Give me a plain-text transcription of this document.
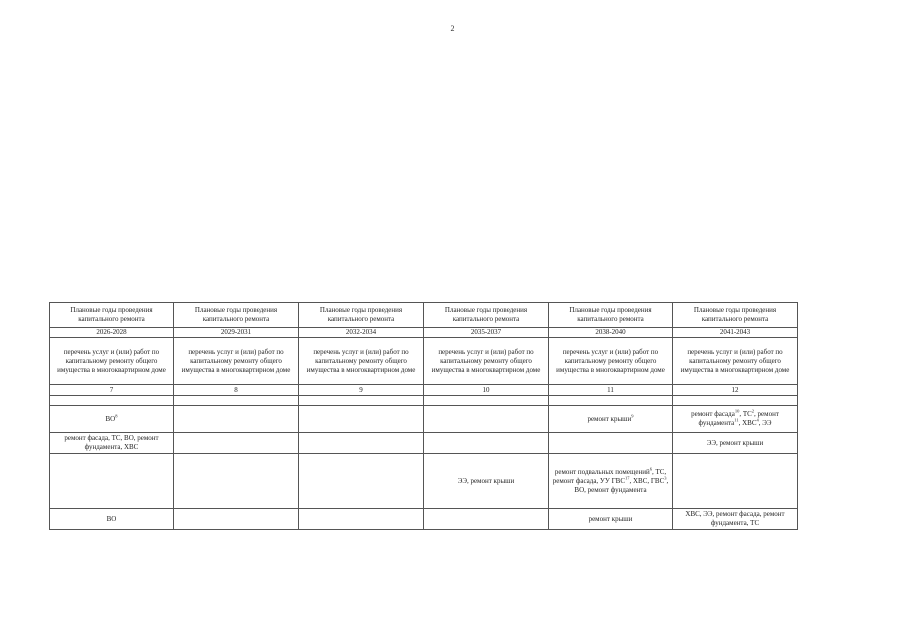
2
Плановые годы проведения капитального ремонта	Плановые годы проведения капитального ремонта	Плановые годы проведения капитального ремонта	Плановые годы проведения капитального ремонта	Плановые годы проведения капитального ремонта	Плановые годы проведения капитального ремонта
2026-2028	2029-2031	2032-2034	2035-2037	2038-2040	2041-2043
перечень услуг и (или) работ по капитальному ремонту общего имущества в многоквартирном доме	перечень услуг и (или) работ по капитальному ремонту общего имущества в многоквартирном доме	перечень услуг и (или) работ по капитальному ремонту общего имущества в многоквартирном доме	перечень услуг и (или) работ по капитальному ремонту общего имущества в многоквартирном доме	перечень услуг и (или) работ по капитальному ремонту общего имущества в многоквартирном доме	перечень услуг и (или) работ по капитальному ремонту общего имущества в многоквартирном доме
7	8	9	10	11	12

$ВО^8$				ремонт крыши$^9$	ремонт фасада$^{10}$, $ТС^2$, ремонт фундамента$^{11}$, ХВС$^4$, ЭЭ
ремонт фасада, ТС, ВО, ремонт фундамента, ХВС					ЭЭ, ремонт крыши
			ЭЭ, ремонт крыши	ремонт подвальных помещений$^6$, ТС, ремонт фасада, УУ ГВС$^{17}$, ХВС, ГВС$^3$, ВО, ремонт фундамента	
ВО				ремонт крыши	ХВС, ЭЭ, ремонт фасада, ремонт фундамента, ТС
